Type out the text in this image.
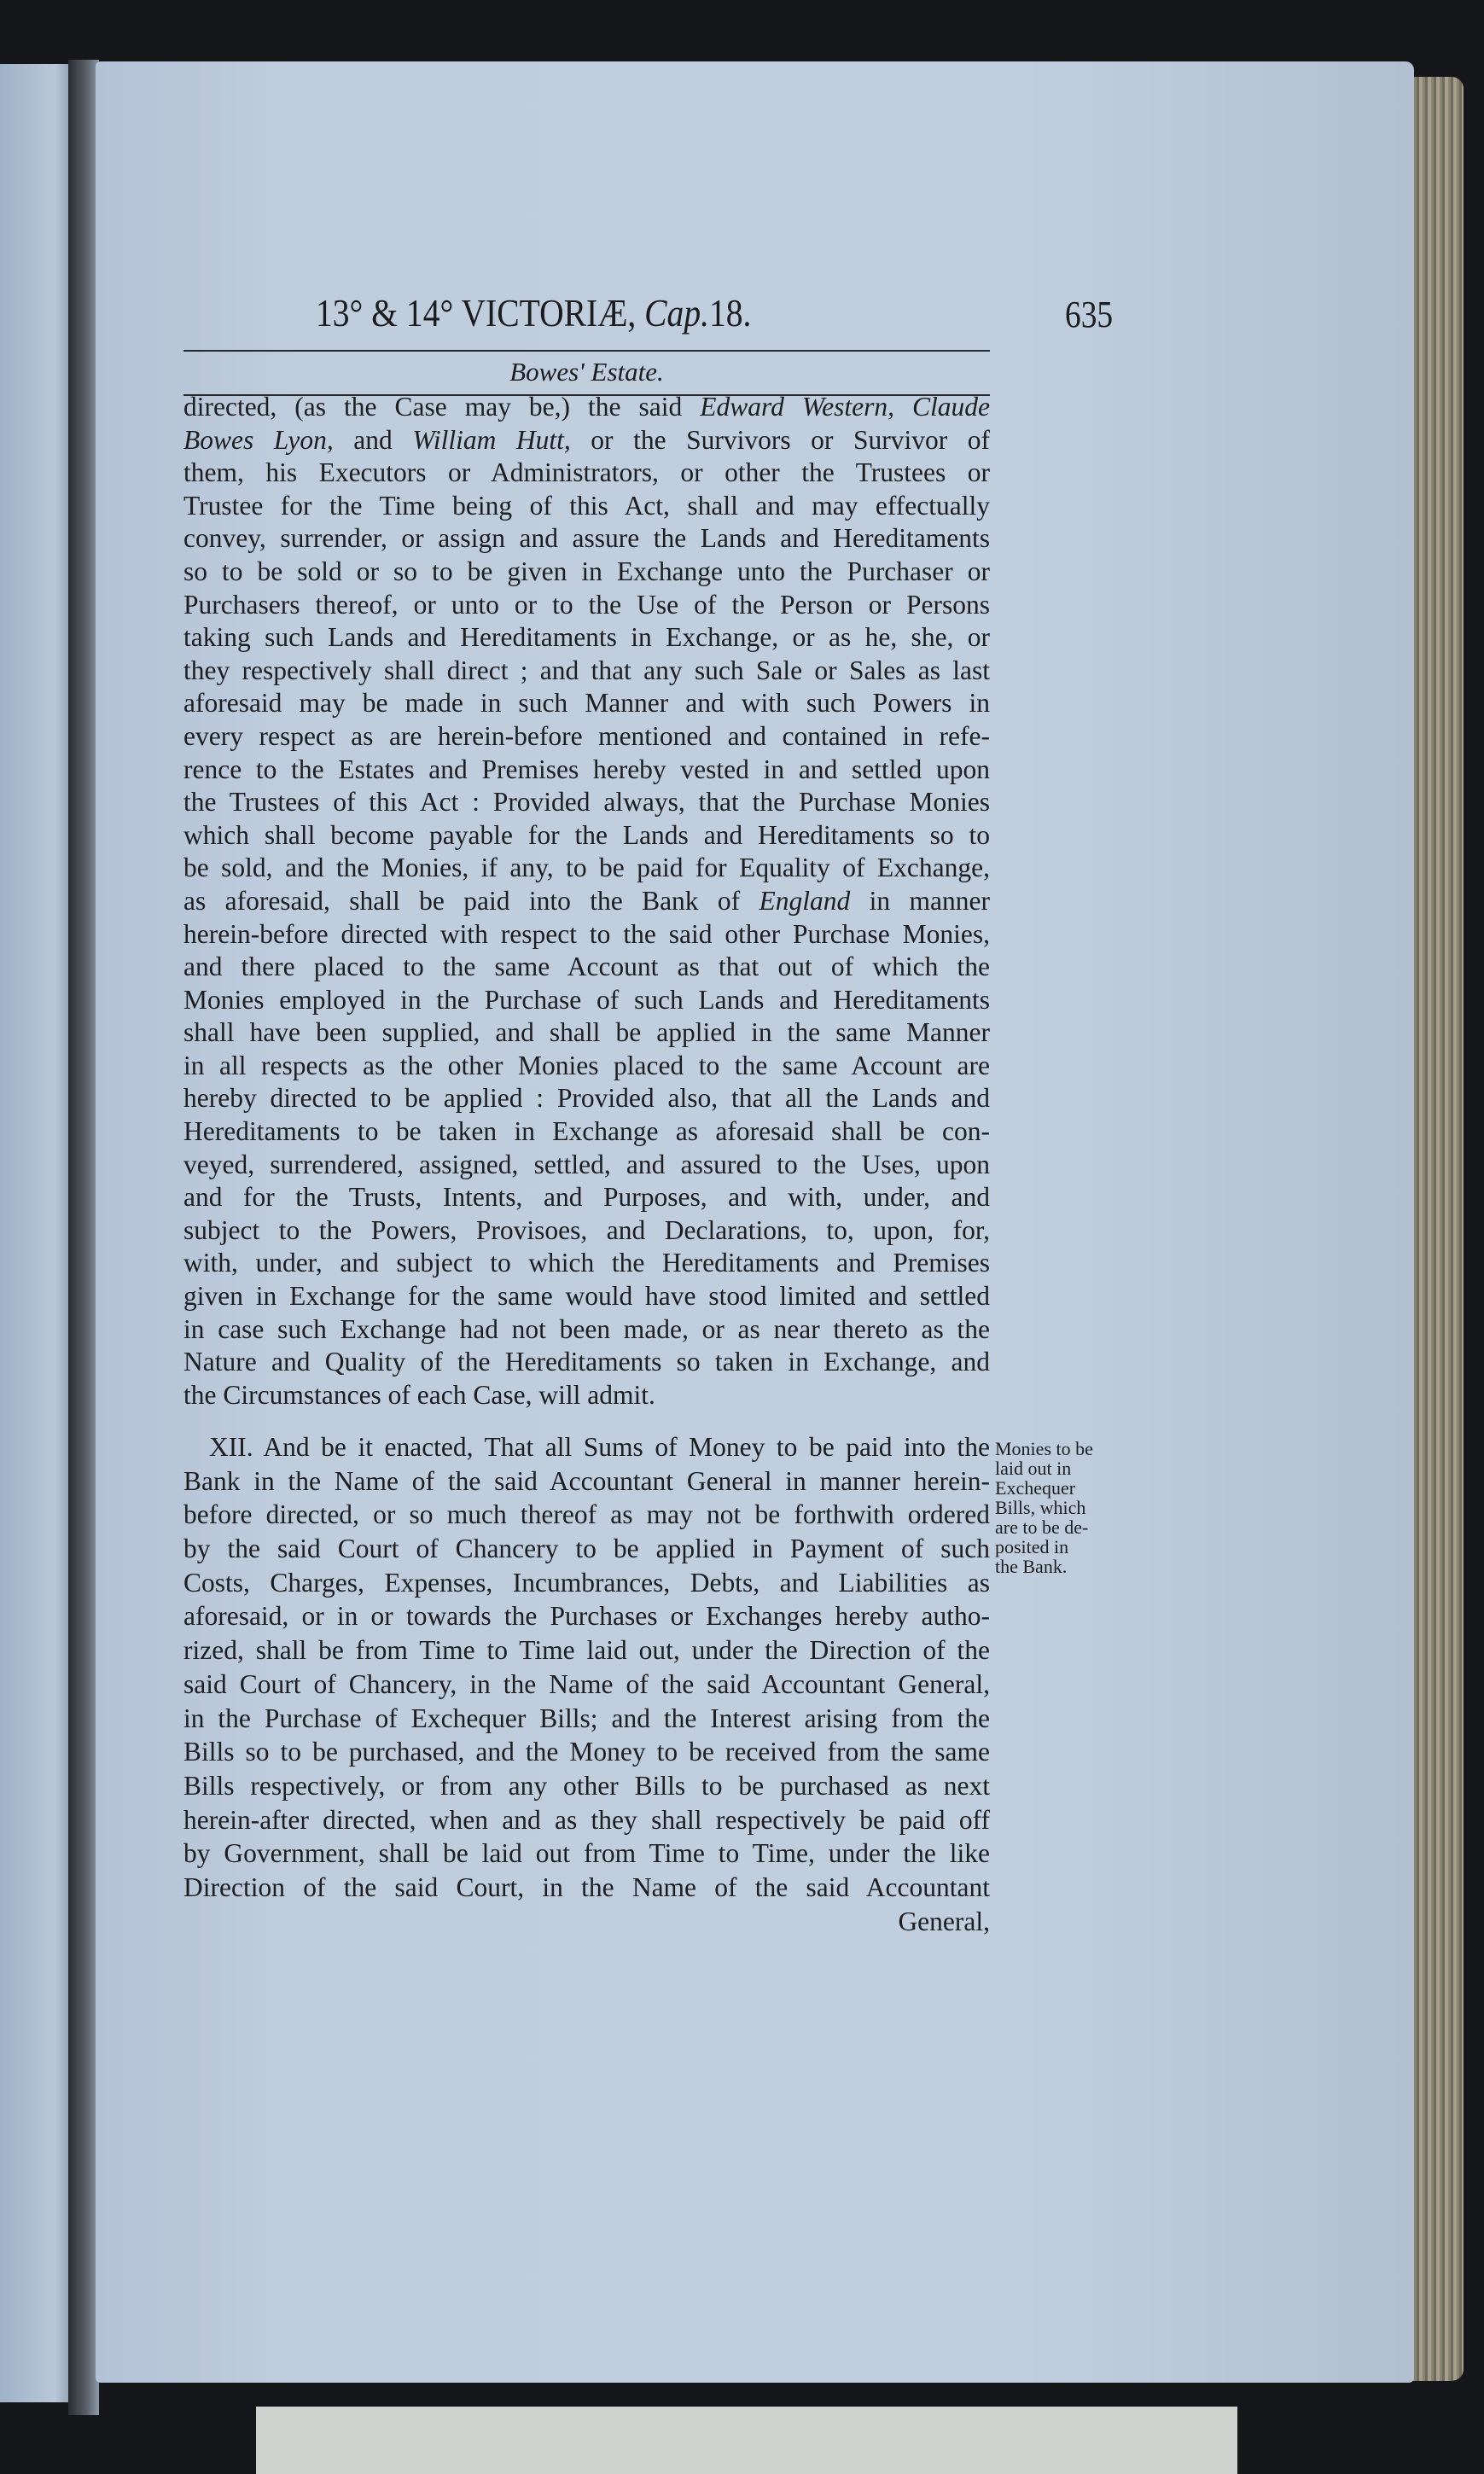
13° & 14° VICTORIÆ, Cap.18.	635
Bowes' Estate.
directed, (as the Case may be,) the said Edward Western, Claude
Bowes Lyon, and William Hutt, or the Survivors or Survivor of
them, his Executors or Administrators, or other the Trustees or
Trustee for the Time being of this Act, shall and may effectually
convey, surrender, or assign and assure the Lands and Hereditaments
so to be sold or so to be given in Exchange unto the Purchaser or
Purchasers thereof, or unto or to the Use of the Person or Persons
taking such Lands and Hereditaments in Exchange, or as he, she, or
they respectively shall direct ; and that any such Sale or Sales as last
aforesaid may be made in such Manner and with such Powers in
every respect as are herein-before mentioned and contained in refe-
rence to the Estates and Premises hereby vested in and settled upon
the Trustees of this Act : Provided always, that the Purchase Monies
which shall become payable for the Lands and Hereditaments so to
be sold, and the Monies, if any, to be paid for Equality of Exchange,
as aforesaid, shall be paid into the Bank of England in manner
herein-before directed with respect to the said other Purchase Monies,
and there placed to the same Account as that out of which the
Monies employed in the Purchase of such Lands and Hereditaments
shall have been supplied, and shall be applied in the same Manner
in all respects as the other Monies placed to the same Account are
hereby directed to be applied : Provided also, that all the Lands and
Hereditaments to be taken in Exchange as aforesaid shall be con-
veyed, surrendered, assigned, settled, and assured to the Uses, upon
and for the Trusts, Intents, and Purposes, and with, under, and
subject to the Powers, Provisoes, and Declarations, to, upon, for,
with, under, and subject to which the Hereditaments and Premises
given in Exchange for the same would have stood limited and settled
in case such Exchange had not been made, or as near thereto as the
Nature and Quality of the Hereditaments so taken in Exchange, and
the Circumstances of each Case, will admit.
XII. And be it enacted, That all Sums of Money to be paid into the
Bank in the Name of the said Accountant General in manner herein-
before directed, or so much thereof as may not be forthwith ordered
by the said Court of Chancery to be applied in Payment of such
Costs, Charges, Expenses, Incumbrances, Debts, and Liabilities as
aforesaid, or in or towards the Purchases or Exchanges hereby autho-
rized, shall be from Time to Time laid out, under the Direction of the
said Court of Chancery, in the Name of the said Accountant General,
in the Purchase of Exchequer Bills; and the Interest arising from the
Bills so to be purchased, and the Money to be received from the same
Bills respectively, or from any other Bills to be purchased as next
herein-after directed, when and as they shall respectively be paid off
by Government, shall be laid out from Time to Time, under the like
Direction of the said Court, in the Name of the said Accountant
General,
Monies to be
laid out in
Exchequer
Bills, which
are to be de-
posited in
the Bank.
